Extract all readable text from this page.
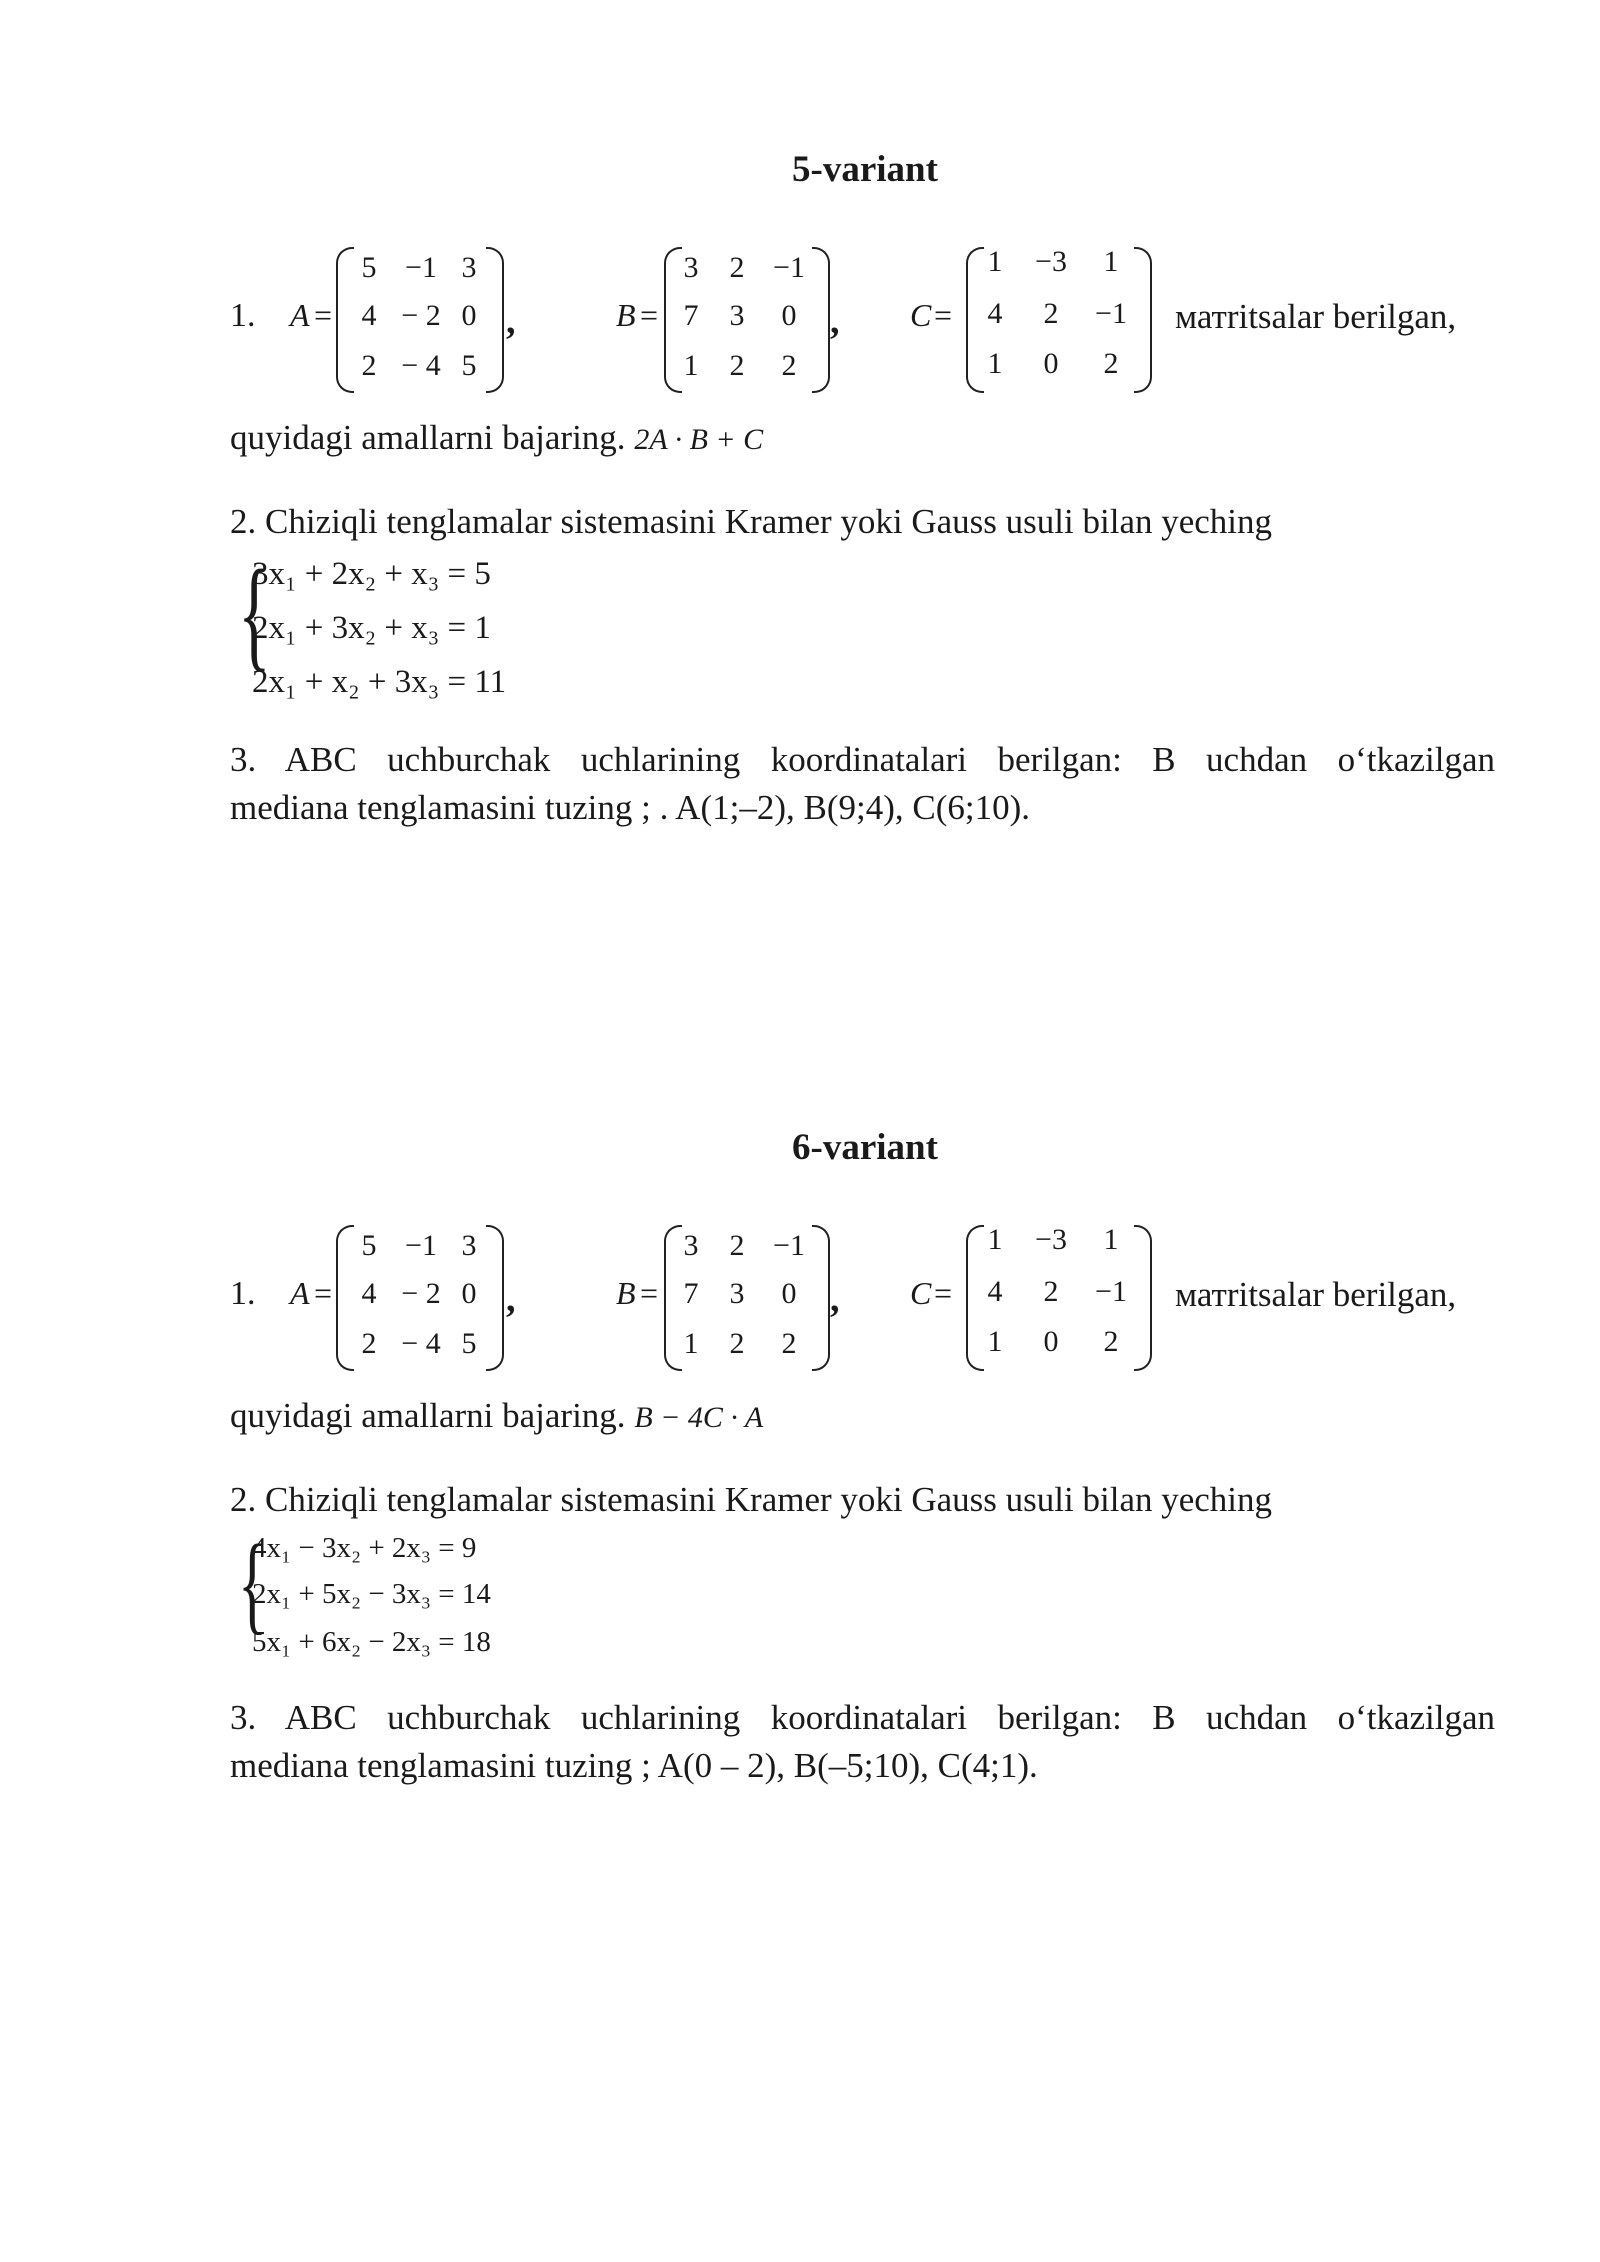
5-variant
1. A =
5 −1 3
4 − 2 0
2 − 4 5
,	B =
3	2 −1
7	3	0
1	2	2
, C =
1	−3	1
4	2	−1
1	0	2
матritsalar berilgan,
quyidagi amallarni bajaring. 2A · B + C
2. Chiziqli tenglamalar sistemasini Kramer yoki Gauss usuli bilan yeching
{
3x₁ + 2x₂ + x₃ = 5
2x₁ + 3x₂ + x₃ = 1
2x₁ + x₂ + 3x₃ = 11
3. ABC uchburchak uchlarining koordinatalari berilgan: B uchdan o‘tkazilgan
mediana tenglamasini tuzing ; . A(1;–2), B(9;4), C(6;10).
6-variant
1. A =
5 −1 3
4 − 2 0
2 − 4 5
,	B =
3	2 −1
7	3	0
1	2	2
, C =
1	−3	1
4	2	−1
1	0	2
матritsalar berilgan,
quyidagi amallarni bajaring. B − 4C · A
2. Chiziqli tenglamalar sistemasini Kramer yoki Gauss usuli bilan yeching
{
4x₁ − 3x₂ + 2x₃ = 9
2x₁ + 5x₂ − 3x₃ = 14
5x₁ + 6x₂ − 2x₃ = 18
3. ABC uchburchak uchlarining koordinatalari berilgan: B uchdan o‘tkazilgan
mediana tenglamasini tuzing ; A(0 – 2), B(–5;10), C(4;1).
